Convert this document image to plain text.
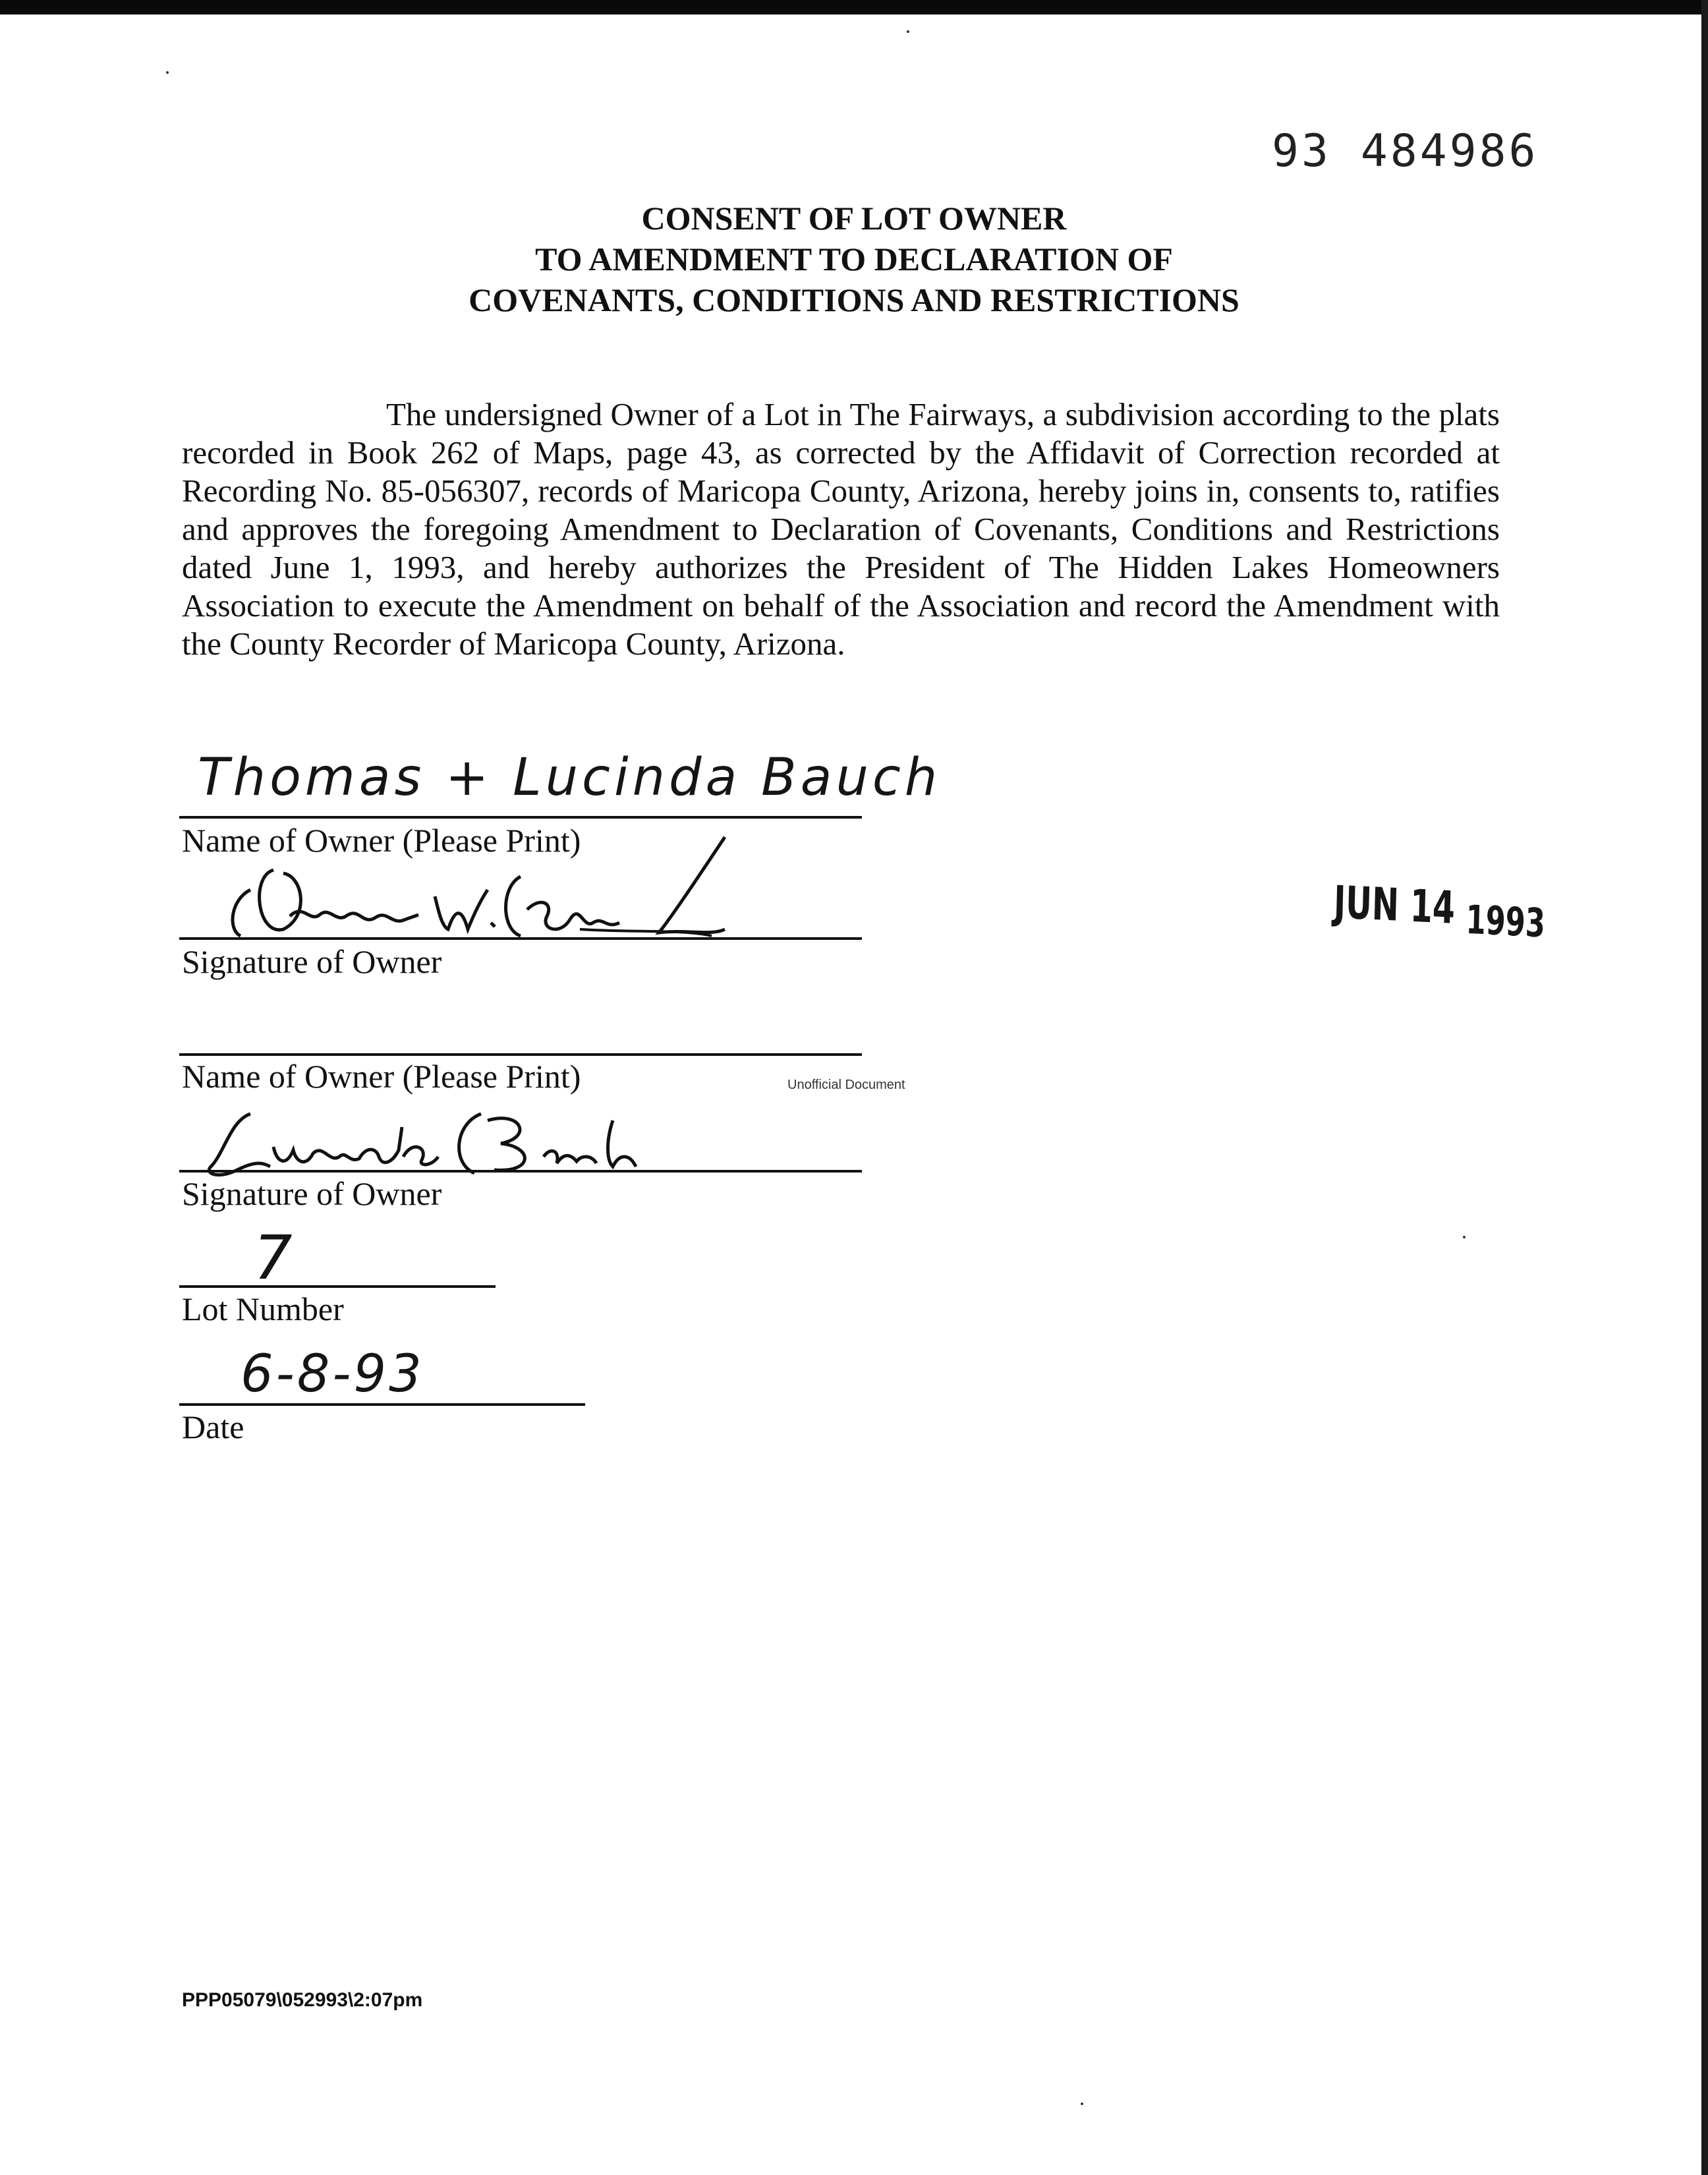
93 484986
CONSENT OF LOT OWNER
TO AMENDMENT TO DECLARATION OF
COVENANTS, CONDITIONS AND RESTRICTIONS
The undersigned Owner of a Lot in The Fairways, a subdivision according to the plats recorded in Book 262 of Maps, page 43, as corrected by the Affidavit of Correction recorded at Recording No. 85-056307, records of Maricopa County, Arizona, hereby joins in, consents to, ratifies and approves the foregoing Amendment to Declaration of Covenants, Conditions and Restrictions dated June 1, 1993, and hereby authorizes the President of The Hidden Lakes Homeowners Association to execute the Amendment on behalf of the Association and record the Amendment with the County Recorder of Maricopa County, Arizona.
Thomas + Lucinda Bauch
Name of Owner (Please Print)
Signature of Owner
Name of Owner (Please Print)
Signature of Owner
7
Lot Number
6-8-93
Date
JUN 14 1993
Unofficial Document
PPP05079\052993\2:07pm
